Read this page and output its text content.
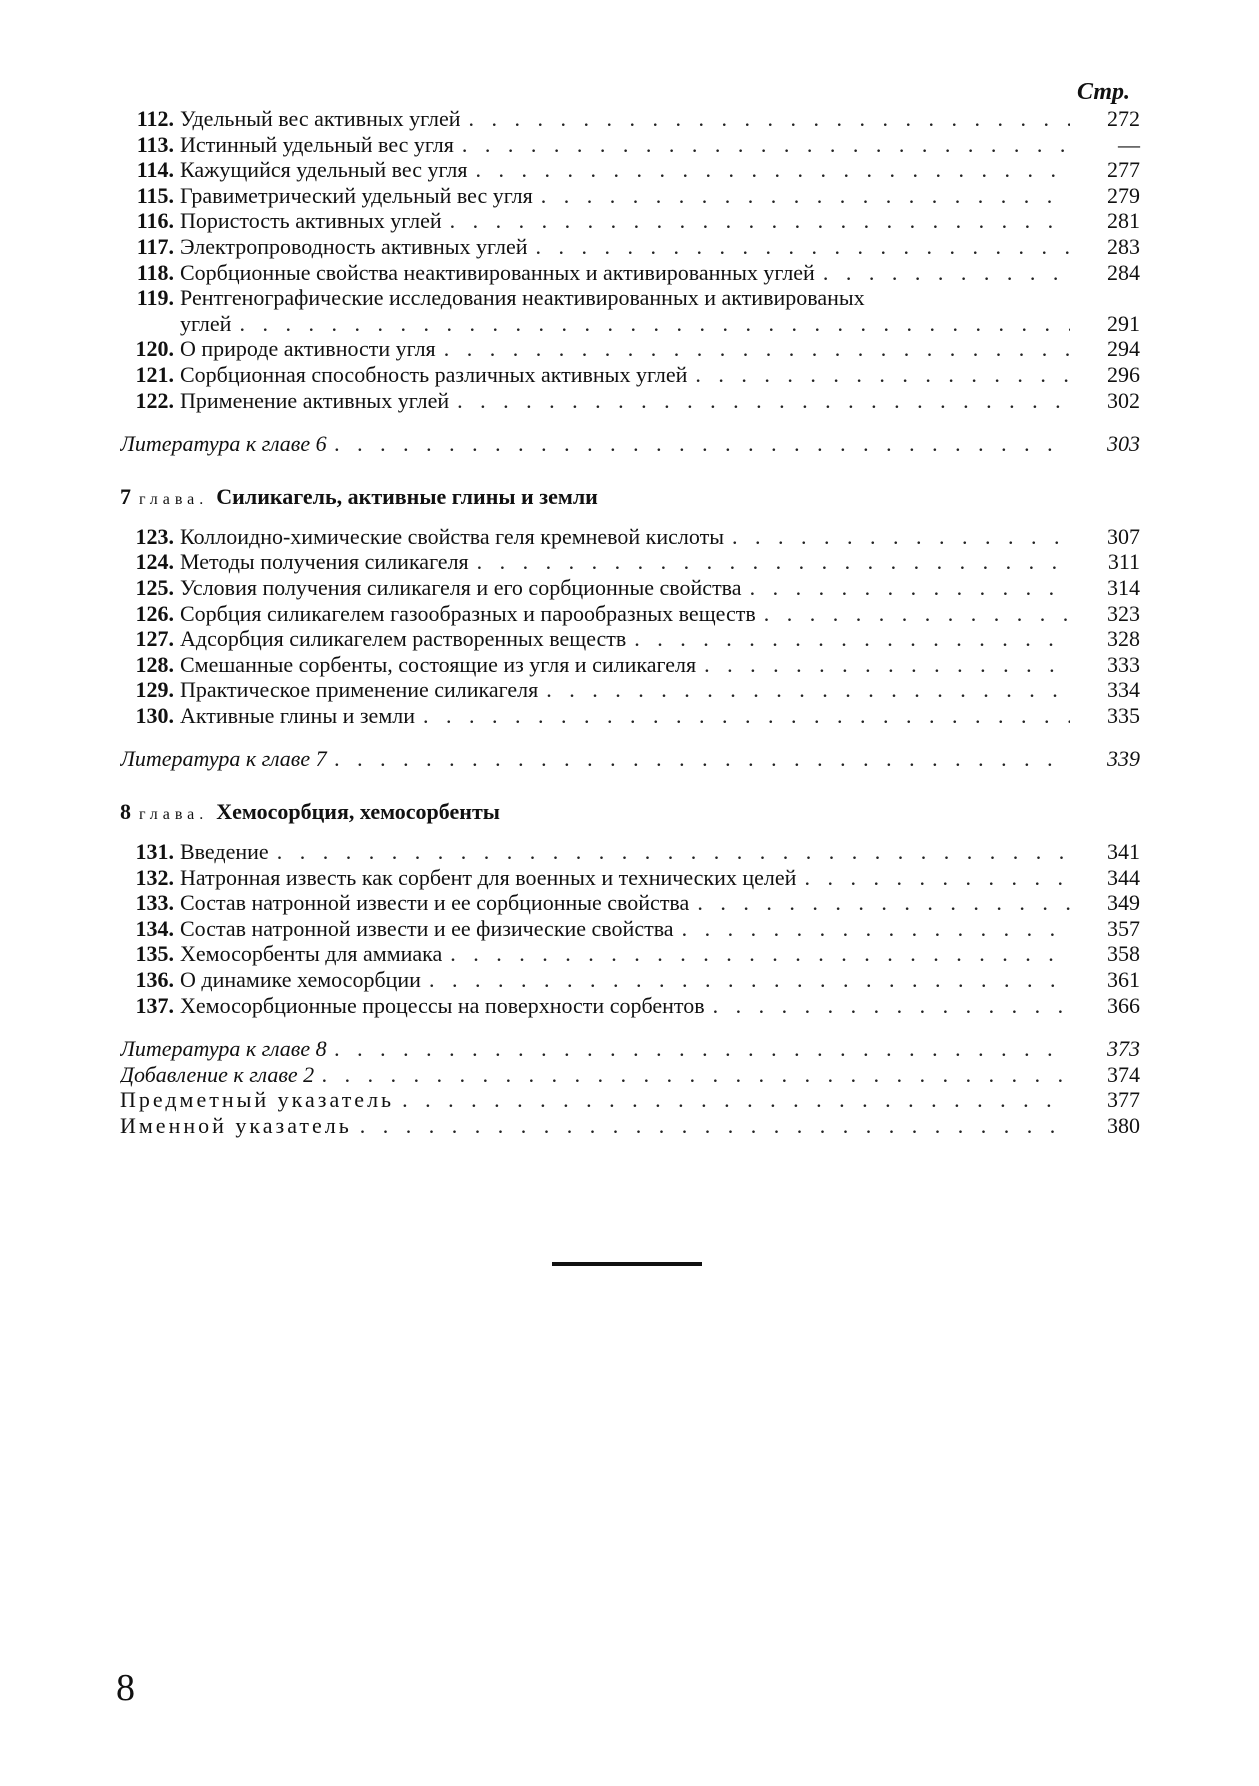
Стр.
112. Удельный вес активных углей . . .	272
113. Истинный удельный вес угля . . .	—
114. Кажущийся удельный вес угля . . .	277
115. Гравиметрический удельный вес угля . . .	279
116. Пористость активных углей . . .	281
117. Электропроводность активных углей . . .	283
118. Сорбционные свойства неактивированных и активированных углей . . .	284
119. Рентгенографические исследования неактивированных и активированых
углей . . .	291
120. О природе активности угля . . .	294
121. Сорбционная способность различных активных углей . . .	296
122. Применение активных углей . . .	302
Литература к главе 6 . . .	303
7 глава. Силикагель, активные глины и земли
123. Коллоидно-химические свойства геля кремневой кислоты . . .	307
124. Методы получения силикагеля . . .	311
125. Условия получения силикагеля и его сорбционные свойства . . .	314
126. Сорбция силикагелем газообразных и парообразных веществ . . .	323
127. Адсорбция силикагелем растворенных веществ . . .	328
128. Смешанные сорбенты, состоящие из угля и силикагеля . . .	333
129. Практическое применение силикагеля . . .	334
130. Активные глины и земли . . .	335
Литература к главе 7 . . .	339
8 глава. Хемосорбция, хемосорбенты
131. Введение . . .	341
132. Натронная известь как сорбент для военных и технических целей . . .	344
133. Состав натронной извести и ее сорбционные свойства . . .	349
134. Состав натронной извести и ее физические свойства . . .	357
135. Хемосорбенты для аммиака . . .	358
136. О динамике хемосорбции . . .	361
137. Хемосорбционные процессы на поверхности сорбентов . . .	366
Литература к главе 8 . . .	373
Добавление к главе 2 . . .	374
Предметный указатель . . .	377
Именной указатель . . .	380
8
